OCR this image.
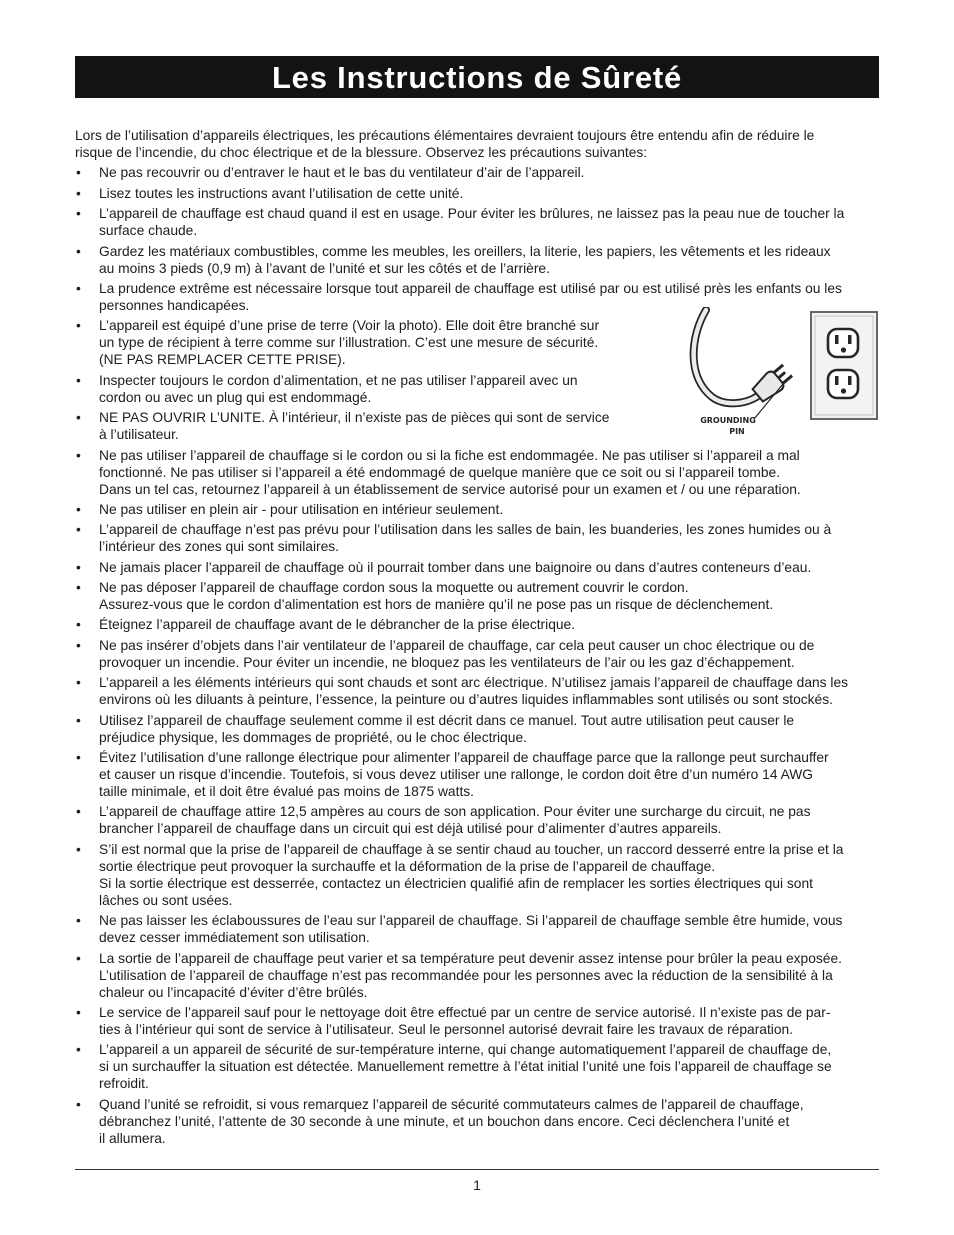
Les Instructions de Sûreté

Lors de l’utilisation d’appareils électriques, les précautions élémentaires devraient toujours être entendu afin de réduire le
risque de l’incendie, du choc électrique et de la blessure. Observez les précautions suivantes:

• Ne pas recouvrir ou d’entraver le haut et le bas du ventilateur d’air de l’appareil.
• Lisez toutes les instructions avant l’utilisation de cette unité.
• L’appareil de chauffage est chaud quand il est en usage. Pour éviter les brûlures, ne laissez pas la peau nue de toucher la
surface chaude.
• Gardez les matériaux combustibles, comme les meubles, les oreillers, la literie, les papiers, les vêtements et les rideaux
au moins 3 pieds (0,9 m) à l’avant de l’unité et sur les côtés et de l’arrière.
• La prudence extrême est nécessaire lorsque tout appareil de chauffage est utilisé par ou est utilisé près les enfants ou les
personnes handicapées.
• L’appareil est équipé d’une prise de terre (Voir la photo). Elle doit être branché sur
un type de récipient à terre comme sur l’illustration. C’est une mesure de sécurité.
(NE PAS REMPLACER CETTE PRISE).
• Inspecter toujours le cordon d’alimentation, et ne pas utiliser l’appareil avec un
cordon ou avec un plug qui est endommagé.
• NE PAS OUVRIR L’UNITE. À l’intérieur, il n’existe pas de pièces qui sont de service
à l’utilisateur.
• Ne pas utiliser l’appareil de chauffage si le cordon ou si la fiche est endommagée. Ne pas utiliser si l’appareil a mal
fonctionné. Ne pas utiliser si l’appareil a été endommagé de quelque manière que ce soit ou si l’appareil tombe.
Dans un tel cas, retournez l’appareil à un établissement de service autorisé pour un examen et / ou une réparation.
• Ne pas utiliser en plein air - pour utilisation en intérieur seulement.
• L’appareil de chauffage n’est pas prévu pour l’utilisation dans les salles de bain, les buanderies, les zones humides ou à
l’intérieur des zones qui sont similaires.
• Ne jamais placer l’appareil de chauffage où il pourrait tomber dans une baignoire ou dans d’autres conteneurs d’eau.
• Ne pas déposer l’appareil de chauffage cordon sous la moquette ou autrement couvrir le cordon.
Assurez-vous que le cordon d’alimentation est hors de manière qu’il ne pose pas un risque de déclenchement.
• Éteignez l’appareil de chauffage avant de le débrancher de la prise électrique.
• Ne pas insérer d’objets dans l’air ventilateur de l’appareil de chauffage, car cela peut causer un choc électrique ou de
provoquer un incendie. Pour éviter un incendie, ne bloquez pas les ventilateurs de l’air ou les gaz d’échappement.
• L’appareil a les éléments intérieurs qui sont chauds et sont arc électrique. N’utilisez jamais l’appareil de chauffage dans les
environs où les diluants à peinture, l’essence, la peinture ou d’autres liquides inflammables sont utilisés ou sont stockés.
• Utilisez l’appareil de chauffage seulement comme il est décrit dans ce manuel. Tout autre utilisation peut causer le
préjudice physique, les dommages de propriété, ou le choc électrique.
• Évitez l’utilisation d’une rallonge électrique pour alimenter l’appareil de chauffage parce que la rallonge peut surchauffer
et causer un risque d’incendie. Toutefois, si vous devez utiliser une rallonge, le cordon doit être d’un numéro 14 AWG
taille minimale, et il doit être évalué pas moins de 1875 watts.
• L’appareil de chauffage attire 12,5 ampères au cours de son application. Pour éviter une surcharge du circuit, ne pas
brancher l’appareil de chauffage dans un circuit qui est déjà utilisé pour d’alimenter d’autres appareils.
• S’il est normal que la prise de l’appareil de chauffage à se sentir chaud au toucher, un raccord desserré entre la prise et la
sortie électrique peut provoquer la surchauffe et la déformation de la prise de l’appareil de chauffage.
Si la sortie électrique est desserrée, contactez un électricien qualifié afin de remplacer les sorties électriques qui sont
lâches ou sont usées.
• Ne pas laisser les éclaboussures de l’eau sur l’appareil de chauffage. Si l’appareil de chauffage semble être humide, vous
devez cesser immédiatement son utilisation.
• La sortie de l’appareil de chauffage peut varier et sa température peut devenir assez intense pour brûler la peau exposée.
L’utilisation de l’appareil de chauffage n’est pas recommandée pour les personnes avec la réduction de la sensibilité à la
chaleur ou l’incapacité d’éviter d’être brûlés.
• Le service de l’appareil sauf pour le nettoyage doit être effectué par un centre de service autorisé. Il n’existe pas de par-
ties à l’intérieur qui sont de service à l’utilisateur. Seul le personnel autorisé devrait faire les travaux de réparation.
• L’appareil a un appareil de sécurité de sur-température interne, qui change automatiquement l’appareil de chauffage de,
si un surchauffer la situation est détectée. Manuellement remettre à l’état initial l’unité une fois l’appareil de chauffage se
refroidit.
• Quand l’unité se refroidit, si vous remarquez l’appareil de sécurité commutateurs calmes de l’appareil de chauffage,
débranchez l’unité, l’attente de 30 seconde à une minute, et un bouchon dans encore. Ceci déclenchera l’unité et
il allumera.
GROUNDING
PIN
1
